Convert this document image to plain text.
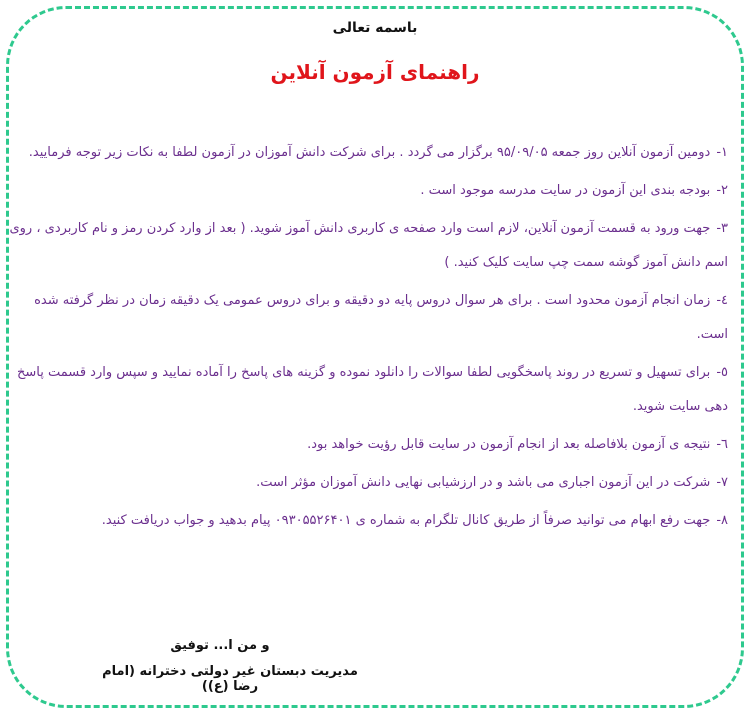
باسمه تعالی
راهنمای آزمون آنلاین
١-دومین آزمون آنلاین روز جمعه ۹۵/۰۹/۰۵ برگزار می گردد . برای شرکت دانش آموزان در آزمون لطفا به نکات زیر توجه فرمایید.
٢-بودجه بندی این آزمون در سایت مدرسه موجود است .
٣-جهت ورود به قسمت آزمون آنلاین، لازم است وارد صفحه ی کاربری دانش آموز شوید. ( بعد از وارد کردن رمز و نام کاربردی ، روی اسم دانش آموز گوشه سمت چپ سایت کلیک کنید. )
٤-زمان انجام آزمون محدود است . برای هر سوال دروس پایه دو دقیقه و برای دروس عمومی یک دقیقه زمان در نظر گرفته شده است.
٥-برای تسهیل و تسریع در روند پاسخگویی لطفا سوالات را دانلود نموده و گزینه های پاسخ را آماده نمایید و سپس وارد قسمت پاسخ دهی سایت شوید.
٦-نتیجه ی آزمون بلافاصله بعد از انجام آزمون در سایت قابل رؤیت خواهد بود.
٧-شرکت در این آزمون اجباری می باشد و در ارزشیابی نهایی دانش آموزان مؤثر است.
٨-جهت رفع ابهام می توانید صرفاً از طریق کانال تلگرام به شماره ی ۰۹۳۰۵۵۲۶۴۰۱ پیام بدهید و جواب دریافت کنید.
و من ا... توفیق
مدیریت دبستان غیر دولتی دخترانه (امام رضا (ع))
